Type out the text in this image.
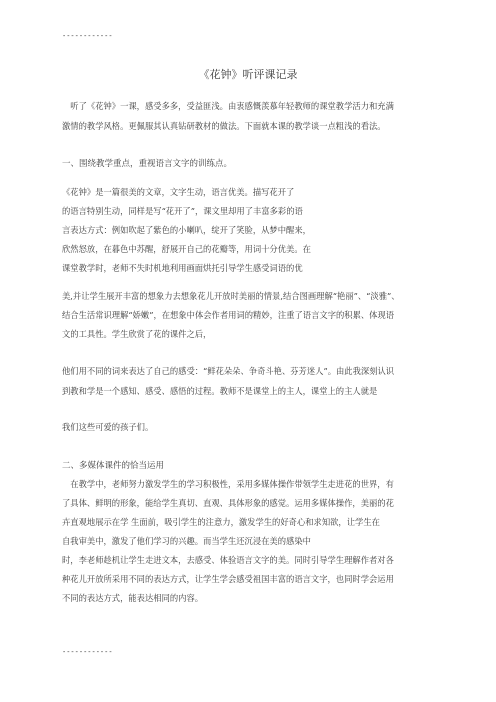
------------
《花钟》听评课记录
　听了《花钟》一课，感受多多，受益匪浅。由衷感慨羡慕年轻教师的课堂教学活力和充满
激情的教学风格。更佩服其认真钻研教材的做法。下面就本课的教学谈一点粗浅的看法。
一、围绕教学重点，重视语言文字的训练点。
《花钟》是一篇很美的文章，文字生动，语言优美。描写花开了
的语言特别生动，同样是写“花开了”，课文里却用了丰富多彩的语
言表达方式：例如吹起了紫色的小喇叭，绽开了笑脸，从梦中醒来，
欣然怒放，在暮色中苏醒，舒展开自己的花瓣等，用词十分优美。在
课堂教学时，老师不失时机地利用画面烘托引导学生感受词语的优
美,并让学生展开丰富的想象力去想象花儿开放时美丽的情景,结合图画理解“艳丽”、“淡雅”、
结合生活常识理解“娇嫩”，在想象中体会作者用词的精妙，注重了语言文字的积累、体现语
文的工具性。学生欣赏了花的课件之后，
他们用不同的词来表达了自己的感受：“鲜花朵朵、争奇斗艳、芬芳迷人”。由此我深刻认识
到教和学是一个感知、感受、感悟的过程。教师不是课堂上的主人，课堂上的主人就是
我们这些可爱的孩子们。
二、多媒体课件的恰当运用
　在教学中，老师努力激发学生的学习积极性，采用多媒体操作带领学生走进花的世界，有
了具体、鲜明的形象，能给学生真切、直观、具体形象的感觉。运用多媒体操作，美丽的花
卉直观地展示在学 生面前，吸引学生的注意力，激发学生的好奇心和求知欲，让学生在
自我审美中，激发了他们学习的兴趣。而当学生还沉浸在美的感染中
时，李老师趁机让学生走进文本，去感受、体验语言文字的美。同时引导学生理解作者对各
种花儿开放所采用不同的表达方式，让学生学会感受祖国丰富的语言文字，也同时学会运用
不同的表达方式，能表达相同的内容。
------------
